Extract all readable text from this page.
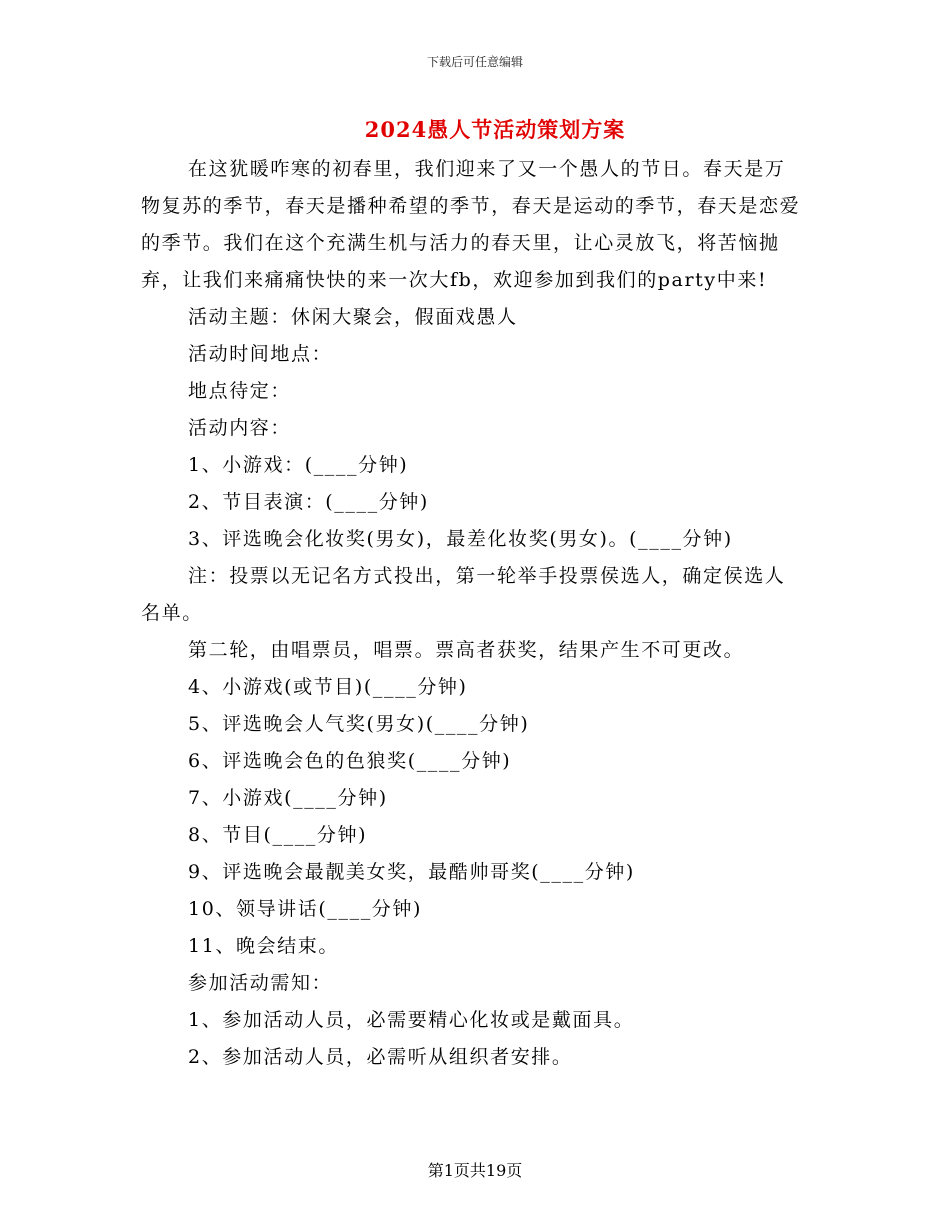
下载后可任意编辑
2024愚人节活动策划方案

在这犹暖咋寒的初春里，我们迎来了又一个愚人的节日。春天是万物复苏的季节，春天是播种希望的季节，春天是运动的季节，春天是恋爱的季节。我们在这个充满生机与活力的春天里，让心灵放飞，将苦恼抛弃，让我们来痛痛快快的来一次大fb，欢迎参加到我们的party中来!

活动主题：休闲大聚会，假面戏愚人

活动时间地点：

地点待定：

活动内容：

1、小游戏：(____分钟)

2、节目表演：(____分钟)

3、评选晚会化妆奖(男女)，最差化妆奖(男女)。(____分钟)

注：投票以无记名方式投出，第一轮举手投票侯选人，确定侯选人名单。

第二轮，由唱票员，唱票。票高者获奖，结果产生不可更改。

4、小游戏(或节目)(____分钟)

5、评选晚会人气奖(男女)(____分钟)

6、评选晚会色的色狼奖(____分钟)

7、小游戏(____分钟)

8、节目(____分钟)

9、评选晚会最靓美女奖，最酷帅哥奖(____分钟)

10、领导讲话(____分钟)

11、晚会结束。

参加活动需知：

1、参加活动人员，必需要精心化妆或是戴面具。

2、参加活动人员，必需听从组织者安排。

第1页共19页
